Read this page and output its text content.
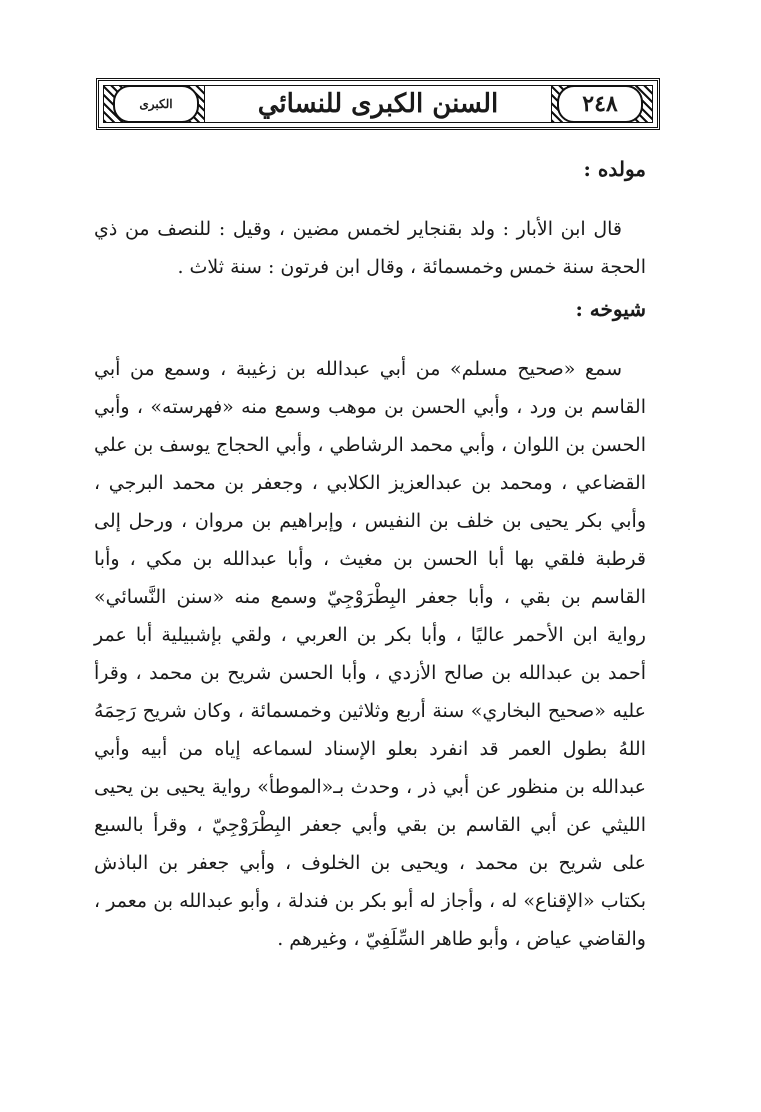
٢٤٨
الكبرى	السنن الكبرى للنسائي
مولده :

قال ابن الأبار : ولد بقنجاير لخمس مضين ، وقيل : للنصف من ذي الحجة سنة خمس وخمسمائة ، وقال ابن فرتون : سنة ثلاث .

شيوخه :

سمع «صحيح مسلم» من أبي عبدالله بن زغيبة ، وسمع من أبي القاسم بن ورد ، وأبي الحسن بن موهب وسمع منه «فهرسته» ، وأبي الحسن بن اللوان ، وأبي محمد الرشاطي ، وأبي الحجاج يوسف بن علي القضاعي ، ومحمد بن عبدالعزيز الكلابي ، وجعفر بن محمد البرجي ، وأبي بكر يحيى بن خلف بن النفيس ، وإبراهيم بن مروان ، ورحل إلى قرطبة فلقي بها أبا الحسن بن مغيث ، وأبا عبدالله بن مكي ، وأبا القاسم بن بقي ، وأبا جعفر البِطْرَوْجِيّ وسمع منه «سنن النَّسائي» رواية ابن الأحمر عاليًا ، وأبا بكر بن العربي ، ولقي بإشبيلية أبا عمر أحمد بن عبدالله بن صالح الأزدي ، وأبا الحسن شريح بن محمد ، وقرأ عليه «صحيح البخاري» سنة أربع وثلاثين وخمسمائة ، وكان شريح رَحِمَهُ اللهُ بطول العمر قد انفرد بعلو الإسناد لسماعه إياه من أبيه وأبي عبدالله بن منظور عن أبي ذر ، وحدث بـ«الموطأ» رواية يحيى بن يحيى الليثي عن أبي القاسم بن بقي وأبي جعفر البِطْرَوْجِيّ ، وقرأ بالسبع على شريح بن محمد ، ويحيى بن الخلوف ، وأبي جعفر بن الباذش بكتاب «الإقناع» له ، وأجاز له أبو بكر بن فندلة ، وأبو عبدالله بن معمر ، والقاضي عياض ، وأبو طاهر السِّلَفِيّ ، وغيرهم .
